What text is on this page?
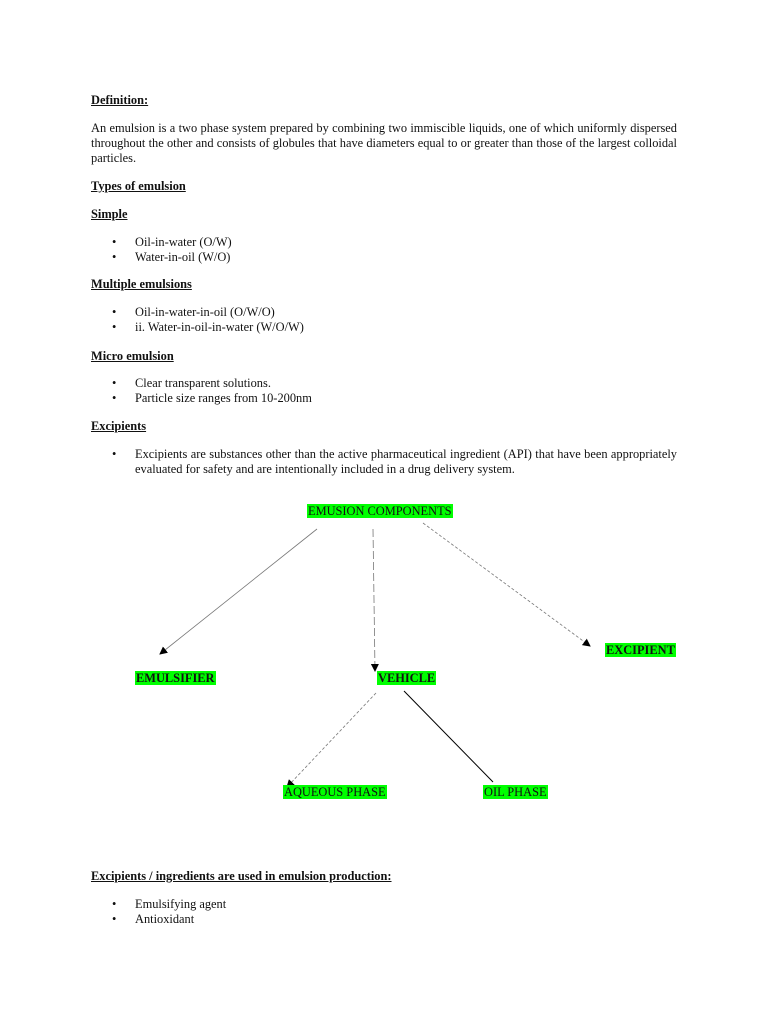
Definition:
An emulsion is a two phase system prepared by combining two immiscible liquids, one of which uniformly dispersed throughout the other and consists of globules that have diameters equal to or greater than those of the largest colloidal particles.
Types of emulsion
Simple
• Oil-in-water (O/W)
• Water-in-oil (W/O)
Multiple emulsions
• Oil-in-water-in-oil (O/W/O)
• ii. Water-in-oil-in-water (W/O/W)
Micro emulsion
• Clear transparent solutions.
• Particle size ranges from 10-200nm
Excipients
• Excipients are substances other than the active pharmaceutical ingredient (API) that have been appropriately evaluated for safety and are intentionally included in a drug delivery system.
EMUSION COMPONENTS
EMULSIFIER	VEHICLE
EXCIPIENT
AQUEOUS PHASE	OIL PHASE
Excipients / ingredients are used in emulsion production:
• Emulsifying agent
• Antioxidant
